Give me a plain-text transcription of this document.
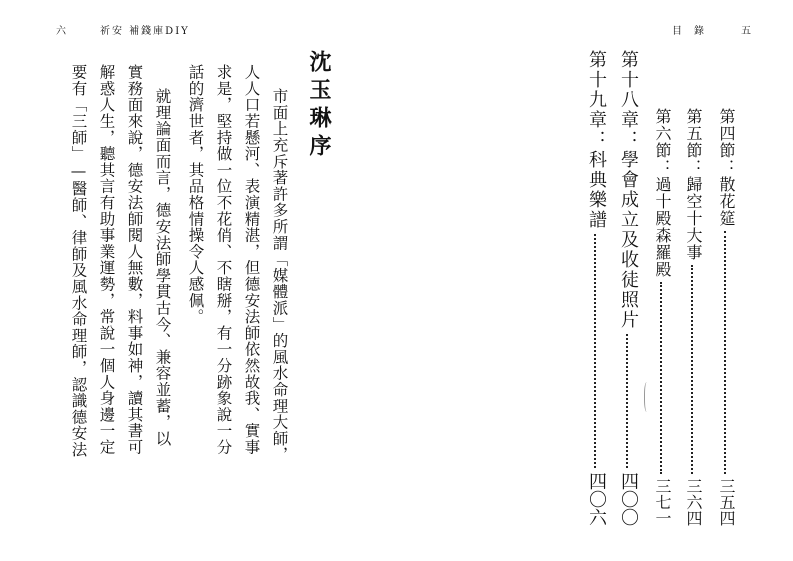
六	祈安 補錢庫DIY
沈玉琳序
市面上充斥著許多所謂「媒體派」的風水命理大師，
人人口若懸河、表演精湛，但德安法師依然故我、實事
求是，堅持做一位不花俏、不瞎掰，有一分跡象說一分
話的濟世者，其品格情操令人感佩。
就理論面而言，德安法師學貫古今、兼容並蓄，以
實務面來說，德安法師閱人無數，料事如神，讀其書可
解惑人生，聽其言有助事業運勢，常說一個人身邊一定
要有「三師」—醫師、律師及風水命理師，認識德安法
目錄	五
第四節：散花筵
三五四
第五節：歸空十大事
三六四
第六節：過十殿森羅殿
三七一
第十八章：學會成立及收徒照片
四〇〇
第十九章：科典樂譜
四〇六
